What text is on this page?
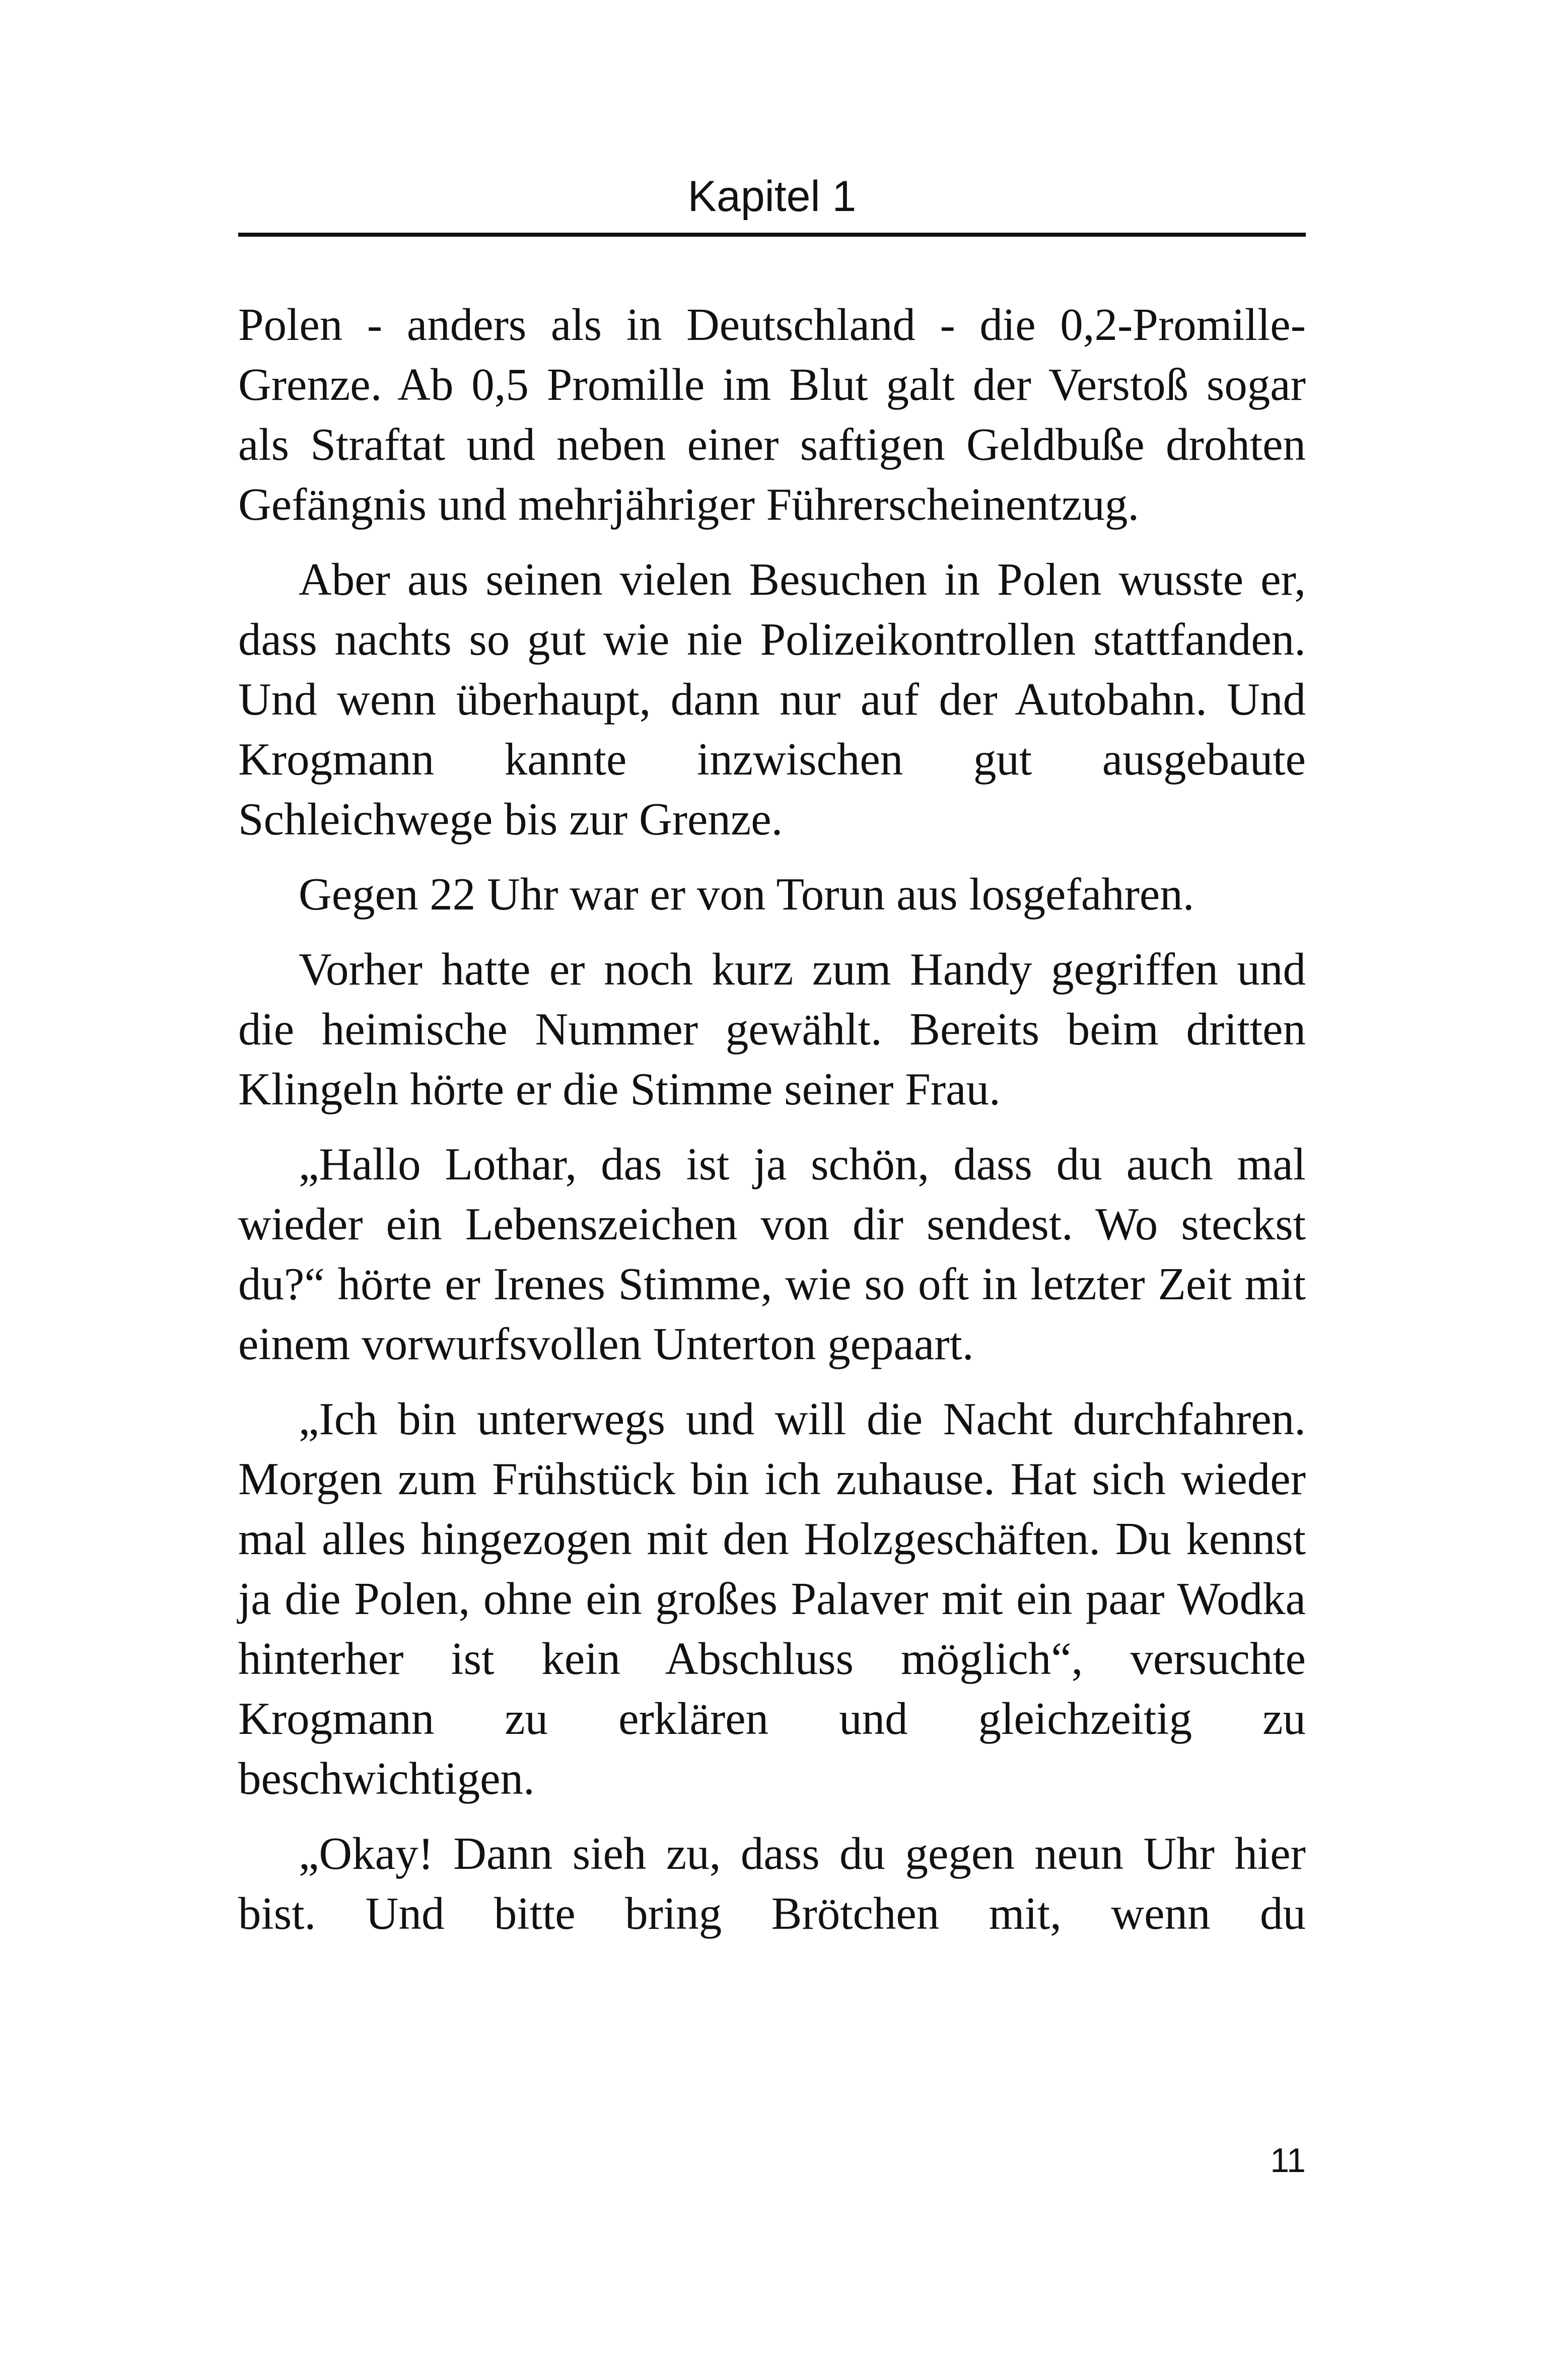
Kapitel 1

Polen - anders als in Deutschland - die 0,2-Promille-Grenze. Ab 0,5 Promille im Blut galt der Verstoß sogar als Straftat und neben einer saftigen Geldbuße drohten Gefängnis und mehrjähriger Führerscheinentzug.

Aber aus seinen vielen Besuchen in Polen wusste er, dass nachts so gut wie nie Polizeikontrollen stattfanden. Und wenn überhaupt, dann nur auf der Autobahn. Und Krogmann kannte inzwischen gut ausgebaute Schleichwege bis zur Grenze.

Gegen 22 Uhr war er von Torun aus losgefahren.

Vorher hatte er noch kurz zum Handy gegriffen und die heimische Nummer gewählt. Bereits beim dritten Klingeln hörte er die Stimme seiner Frau.

„Hallo Lothar, das ist ja schön, dass du auch mal wieder ein Lebenszeichen von dir sendest. Wo steckst du?“ hörte er Irenes Stimme, wie so oft in letzter Zeit mit einem vorwurfsvollen Unterton gepaart.

„Ich bin unterwegs und will die Nacht durchfahren. Morgen zum Frühstück bin ich zuhause. Hat sich wieder mal alles hingezogen mit den Holzgeschäften. Du kennst ja die Polen, ohne ein großes Palaver mit ein paar Wodka hinterher ist kein Abschluss möglich“, versuchte Krogmann zu erklären und gleichzeitig zu beschwichtigen.

„Okay! Dann sieh zu, dass du gegen neun Uhr hier bist. Und bitte bring Brötchen mit, wenn du

11
